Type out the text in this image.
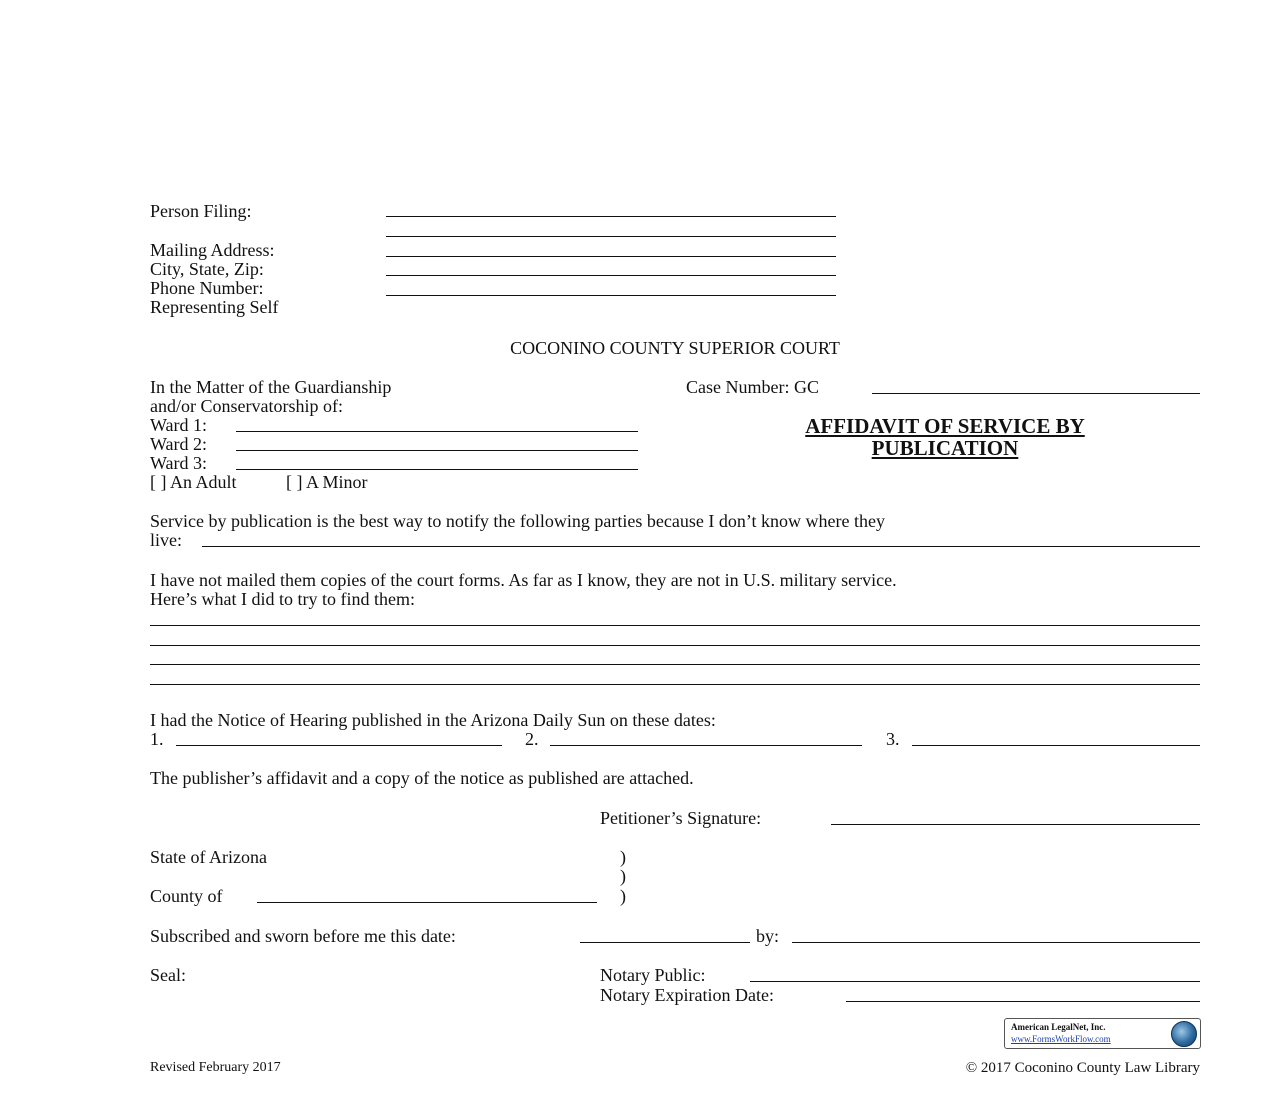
Person Filing:
Mailing Address:
City, State, Zip:
Phone Number:
Representing Self
COCONINO COUNTY SUPERIOR COURT
In the Matter of the Guardianship
and/or Conservatorship of:
Ward 1:
Ward 2:
Ward 3:
[ ] An Adult	[ ] A Minor
Case Number: GC
AFFIDAVIT OF SERVICE BY
PUBLICATION
Service by publication is the best way to notify the following parties because I don’t know where they
live:
I have not mailed them copies of the court forms. As far as I know, they are not in U.S. military service.
Here’s what I did to try to find them:
I had the Notice of Hearing published in the Arizona Daily Sun on these dates:
1.	2.	3.
The publisher’s affidavit and a copy of the notice as published are attached.
Petitioner’s Signature:
State of Arizona	)
)
County of	)
Subscribed and sworn before me this date:	by:
Seal:	Notary Public:
Notary Expiration Date:
American LegalNet, Inc.
www.FormsWorkFlow.com
Revised February 2017	© 2017 Coconino County Law Library
